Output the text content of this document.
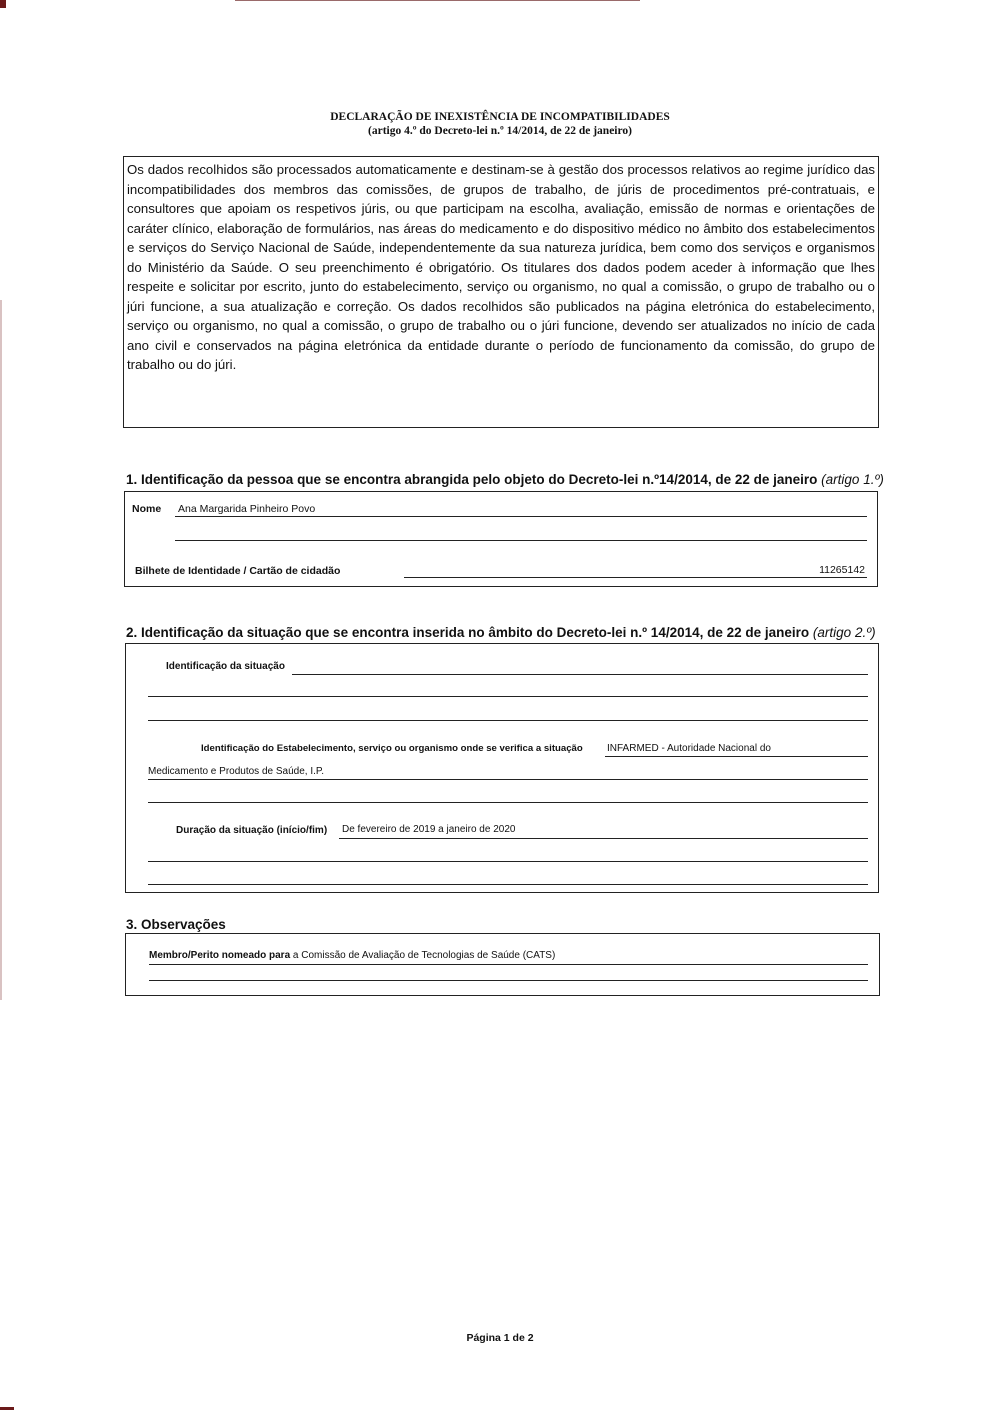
DECLARAÇÃO DE INEXISTÊNCIA DE INCOMPATIBILIDADES
(artigo 4.º do Decreto-lei n.º 14/2014, de 22 de janeiro)

Os dados recolhidos são processados automaticamente e destinam-se à gestão dos processos relativos ao regime jurídico das incompatibilidades dos membros das comissões, de grupos de trabalho, de júris de procedimentos pré-contratuais, e consultores que apoiam os respetivos júris, ou que participam na escolha, avaliação, emissão de normas e orientações de caráter clínico, elaboração de formulários, nas áreas do medicamento e do dispositivo médico no âmbito dos estabelecimentos e serviços do Serviço Nacional de Saúde, independentemente da sua natureza jurídica, bem como dos serviços e organismos do Ministério da Saúde. O seu preenchimento é obrigatório. Os titulares dos dados podem aceder à informação que lhes respeite e solicitar por escrito, junto do estabelecimento, serviço ou organismo, no qual a comissão, o grupo de trabalho ou o júri funcione, a sua atualização e correção. Os dados recolhidos são publicados na página eletrónica do estabelecimento, serviço ou organismo, no qual a comissão, o grupo de trabalho ou o júri funcione, devendo ser atualizados no início de cada ano civil e conservados na página eletrónica da entidade durante o período de funcionamento da comissão, do grupo de trabalho ou do júri.

1. Identificação da pessoa que se encontra abrangida pelo objeto do Decreto-lei n.º14/2014, de 22 de janeiro (artigo 1.º)
Nome Ana Margarida Pinheiro Povo
Bilhete de Identidade / Cartão de cidadão	11265142
2. Identificação da situação que se encontra inserida no âmbito do Decreto-lei n.º 14/2014, de 22 de janeiro (artigo 2.º)
Identificação da situação
Identificação do Estabelecimento, serviço ou organismo onde se verifica a situação INFARMED - Autoridade Nacional do
Medicamento e Produtos de Saúde, I.P.
Duração da situação (início/fim) De fevereiro de 2019 a janeiro de 2020
3. Observações
Membro/Perito nomeado para a Comissão de Avaliação de Tecnologias de Saúde (CATS)
Página 1 de 2
